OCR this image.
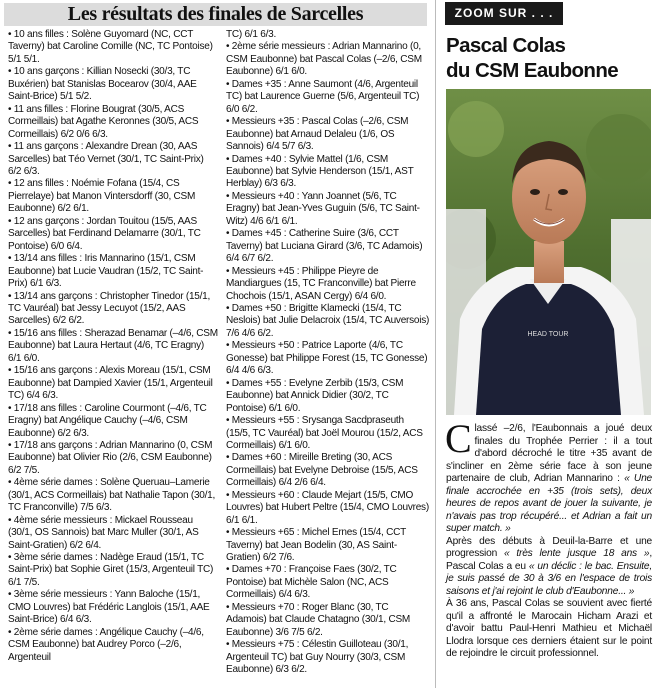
Les résultats des finales de Sarcelles

• 10 ans filles : Solène Guyomard (NC, CCT Taverny) bat Caroline Comille (NC, TC Pontoise) 5/1 5/1.

• 10 ans garçons : Killian Nosecki (30/3, TC Buxérien) bat Stanislas Bocearov (30/4, AAE Saint-Brice) 5/1 5/2.

• 11 ans filles : Florine Bougrat (30/5, ACS Cormeillais) bat Agathe Keronnes (30/5, ACS Cormeillais) 6/2 0/6 6/3.

• 11 ans garçons : Alexandre Drean (30, AAS Sarcelles) bat Téo Vernet (30/1, TC Saint-Prix) 6/2 6/3.

• 12 ans filles : Noémie Fofana (15/4, CS Pierrelaye) bat Manon Vintersdorff (30, CSM Eaubonne) 6/2 6/1.

• 12 ans garçons : Jordan Touitou (15/5, AAS Sarcelles) bat Ferdinand Delamarre (30/1, TC Pontoise) 6/0 6/4.

• 13/14 ans filles : Iris Mannarino (15/1, CSM Eaubonne) bat Lucie Vaudran (15/2, TC Saint-Prix) 6/1 6/3.

• 13/14 ans garçons : Christopher Tinedor (15/1, TC Vauréal) bat Jessy Lecuyot (15/2, AAS Sarcelles) 6/2 6/2.

• 15/16 ans filles : Sherazad Benamar (–4/6, CSM Eaubonne) bat Laura Hertaut (4/6, TC Eragny) 6/1 6/0.

• 15/16 ans garçons : Alexis Moreau (15/1, CSM Eaubonne) bat Dampied Xavier (15/1, Argenteuil TC) 6/4 6/3.

• 17/18 ans filles : Caroline Courmont (–4/6, TC Eragny) bat Angélique Cauchy (–4/6, CSM Eaubonne) 6/2 6/3.

• 17/18 ans garçons : Adrian Mannarino (0, CSM Eaubonne) bat Olivier Rio (2/6, CSM Eaubonne) 6/2 7/5.

• 4ème série dames : Solène Queruau–Lamerie (30/1, ACS Cormeillais) bat Nathalie Tapon (30/1, TC Franconville) 7/5 6/3.

• 4ème série messieurs : Mickael Rousseau (30/1, OS Sannois) bat Marc Muller (30/1, AS Saint-Gratien) 6/2 6/4.

• 3ème série dames : Nadège Eraud (15/1, TC Saint-Prix) bat Sophie Giret (15/3, Argenteuil TC) 6/1 7/5.

• 3ème série messieurs : Yann Baloche (15/1, CMO Louvres) bat Frédéric Langlois (15/1, AAE Saint-Brice) 6/4 6/3.

• 2ème série dames : Angélique Cauchy (–4/6, CSM Eaubonne) bat Audrey Porco (–2/6, Argenteuil

TC) 6/1 6/3.

• 2ème série messieurs : Adrian Mannarino (0, CSM Eaubonne) bat Pascal Colas (–2/6, CSM Eaubonne) 6/1 6/0.

• Dames +35 : Anne Saumont (4/6, Argenteuil TC) bat Laurence Guerne (5/6, Argenteuil TC) 6/0 6/2.

• Messieurs +35 : Pascal Colas (–2/6, CSM Eaubonne) bat Arnaud Delaleu (1/6, OS Sannois) 6/4 5/7 6/3.

• Dames +40 : Sylvie Mattel (1/6, CSM Eaubonne) bat Sylvie Henderson (15/1, AST Herblay) 6/3 6/3.

• Messieurs +40 : Yann Joannet (5/6, TC Eragny) bat Jean-Yves Guguin (5/6, TC Saint-Witz) 4/6 6/1 6/1.

• Dames +45 : Catherine Suire (3/6, CCT Taverny) bat Luciana Girard (3/6, TC Adamois) 6/4 6/7 6/2.

• Messieurs +45 : Philippe Pieyre de Mandiargues (15, TC Franconville) bat Pierre Chochois (15/1, ASAN Cergy) 6/4 6/0.

• Dames +50 : Brigitte Klamecki (15/4, TC Neslois) bat Julie Delacroix (15/4, TC Auversois) 7/6 4/6 6/2.

• Messieurs +50 : Patrice Laporte (4/6, TC Gonesse) bat Philippe Forest (15, TC Gonesse) 6/4 4/6 6/3.

• Dames +55 : Evelyne Zerbib (15/3, CSM Eaubonne) bat Annick Didier (30/2, TC Pontoise) 6/1 6/0.

• Messieurs +55 : Srysanga Sacdpraseuth (15/5, TC Vauréal) bat Joël Mourou (15/2, ACS Cormeillais) 6/1 6/0.

• Dames +60 : Mireille Breting (30, ACS Cormeillais) bat Evelyne Debroise (15/5, ACS Cormeillais) 6/4 2/6 6/4.

• Messieurs +60 : Claude Mejart (15/5, CMO Louvres) bat Hubert Peltre (15/4, CMO Louvres) 6/1 6/1.

• Messieurs +65 : Michel Ernes (15/4, CCT Taverny) bat Jean Bodelin (30, AS Saint-Gratien) 6/2 7/6.

• Dames +70 : Françoise Faes (30/2, TC Pontoise) bat Michèle Salon (NC, ACS Cormeillais) 6/4 6/3.

• Messieurs +70 : Roger Blanc (30, TC Adamois) bat Claude Chatagno (30/1, CSM Eaubonne) 3/6 7/5 6/2.

• Messieurs +75 : Célestin Guilloteau (30/1, Argenteuil TC) bat Guy Nourry (30/3, CSM Eaubonne) 6/3 6/2.

ZOOM SUR . . .
Pascal Colas
du CSM Eaubonne
HEAD TOUR

Classé –2/6, l'Eaubonnais a joué deux finales du Trophée Perrier : il a tout d'abord décroché le titre +35 avant de s'incliner en 2ème série face à son jeune partenaire de club, Adrian Mannarino : « Une finale accrochée en +35 (trois sets), deux heures de repos avant de jouer la suivante, je n'avais pas trop récupéré... et Adrian a fait un super match. »

Après des débuts à Deuil-la-Barre et une progression « très lente jusque 18 ans », Pascal Colas a eu « un déclic : le bac. Ensuite, je suis passé de 30 à 3/6 en l'espace de trois saisons et j'ai rejoint le club d'Eaubonne... »

À 36 ans, Pascal Colas se souvient avec fierté qu'il a affronté le Marocain Hicham Arazi et d'avoir battu Paul-Henri Mathieu et Michaël Llodra lorsque ces derniers étaient sur le point de rejoindre le circuit professionnel.
